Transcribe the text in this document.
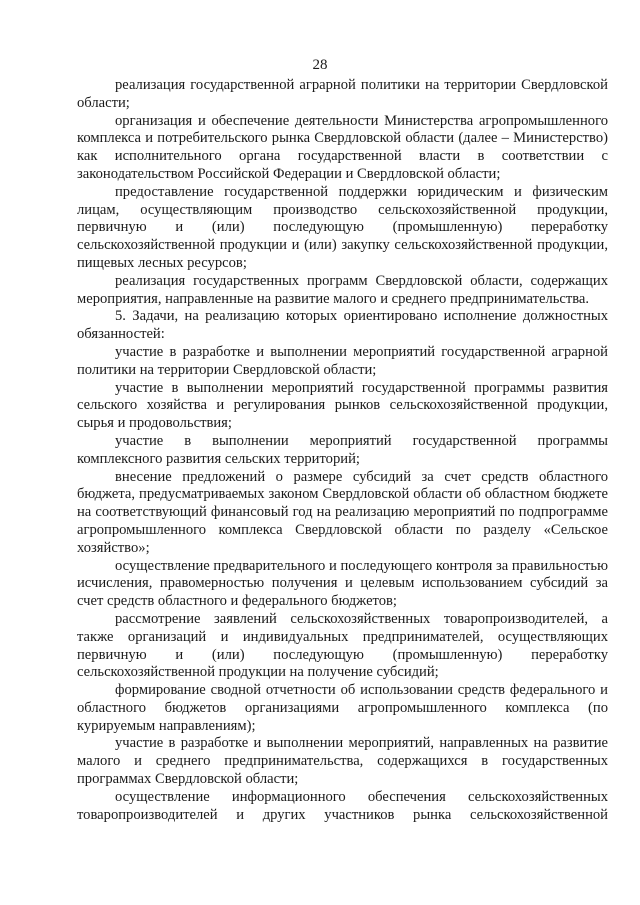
28

реализация государственной аграрной политики на территории Свердловской области;

организация и обеспечение деятельности Министерства агропромышленного комплекса и потребительского рынка Свердловской области (далее – Министерство) как исполнительного органа государственной власти в соответствии с законодательством Российской Федерации и Свердловской области;

предоставление государственной поддержки юридическим и физическим лицам, осуществляющим производство сельскохозяйственной продукции, первичную и (или) последующую (промышленную) переработку сельскохозяйственной продукции и (или) закупку сельскохозяйственной продукции, пищевых лесных ресурсов;

реализация государственных программ Свердловской области, содержащих мероприятия, направленные на развитие малого и среднего предпринимательства.

5. Задачи, на реализацию которых ориентировано исполнение должностных обязанностей:

участие в разработке и выполнении мероприятий государственной аграрной политики на территории Свердловской области;

участие в выполнении мероприятий государственной программы развития сельского хозяйства и регулирования рынков сельскохозяйственной продукции, сырья и продовольствия;

участие в выполнении мероприятий государственной программы комплексного развития сельских территорий;

внесение предложений о размере субсидий за счет средств областного бюджета, предусматриваемых законом Свердловской области об областном бюджете на соответствующий финансовый год на реализацию мероприятий по подпрограмме агропромышленного комплекса Свердловской области по разделу «Сельское хозяйство»;

осуществление предварительного и последующего контроля за правильностью исчисления, правомерностью получения и целевым использованием субсидий за счет средств областного и федерального бюджетов;

рассмотрение заявлений сельскохозяйственных товаропроизводителей, а также организаций и индивидуальных предпринимателей, осуществляющих первичную и (или) последующую (промышленную) переработку сельскохозяйственной продукции на получение субсидий;

формирование сводной отчетности об использовании средств федерального и областного бюджетов организациями агропромышленного комплекса (по курируемым направлениям);

участие в разработке и выполнении мероприятий, направленных на развитие малого и среднего предпринимательства, содержащихся в государственных программах Свердловской области;

осуществление информационного обеспечения сельскохозяйственных товаропроизводителей и других участников рынка сельскохозяйственной
